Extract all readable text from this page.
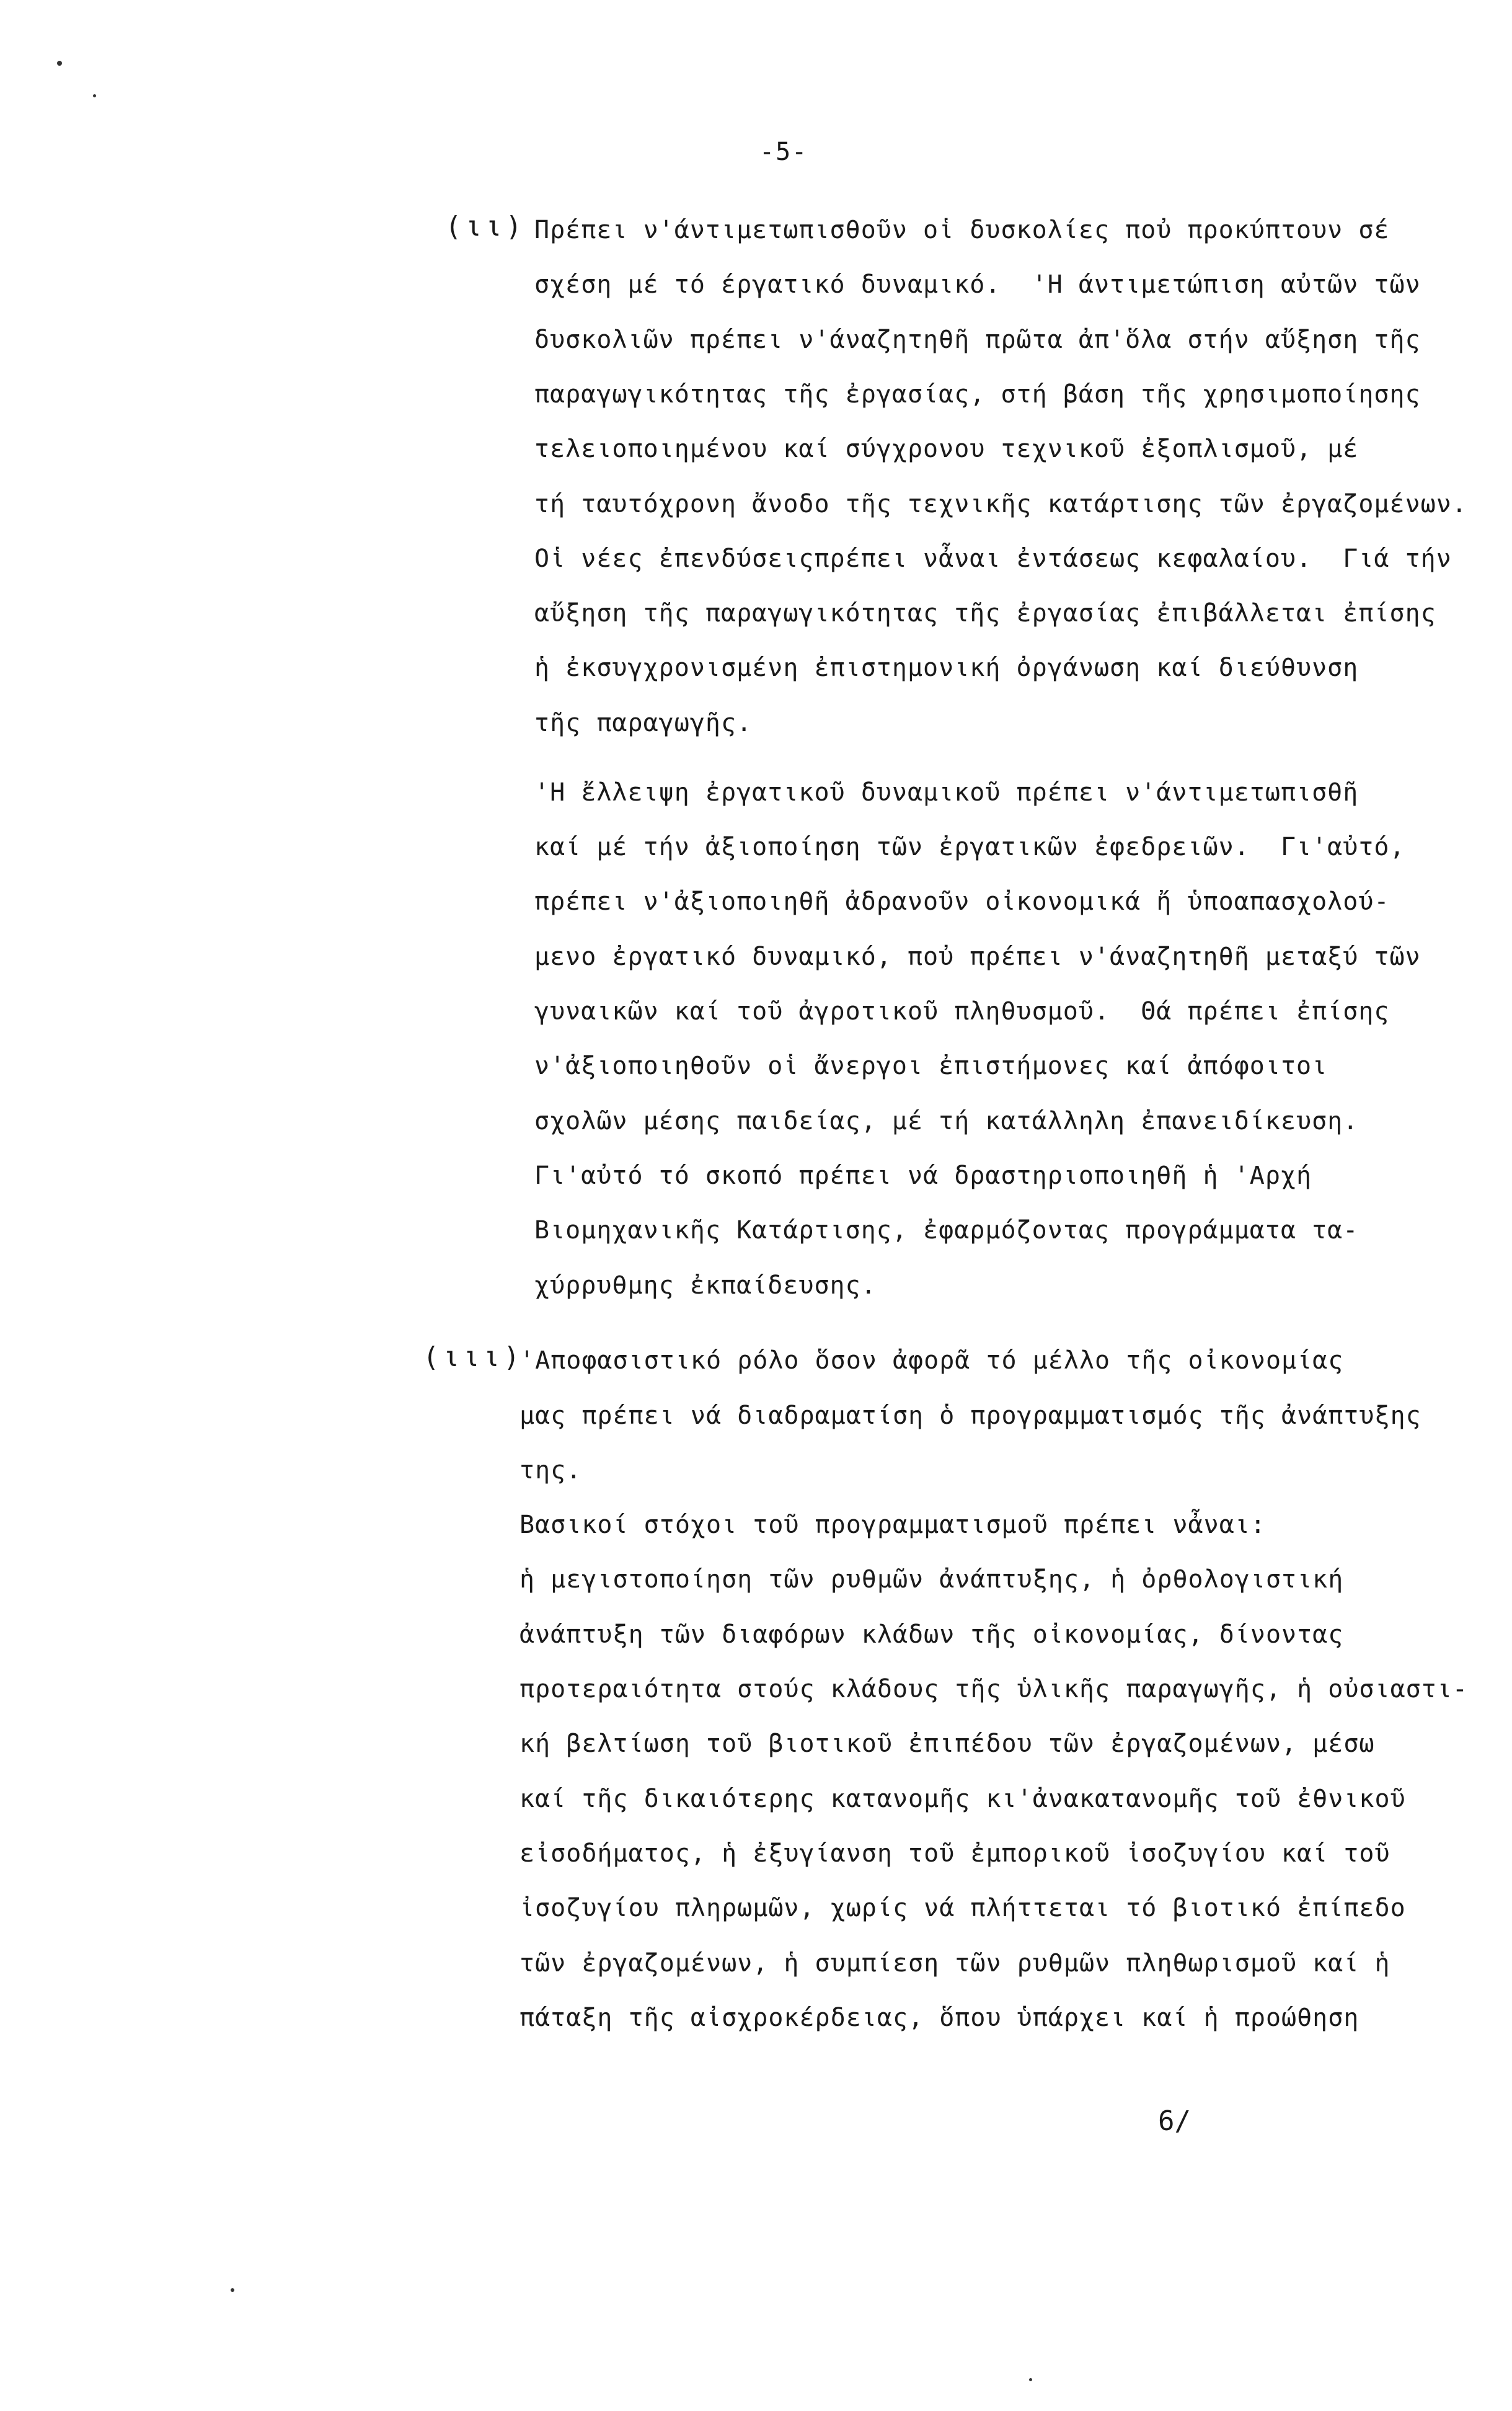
-5-
(ιι)
(ιιι)
Πρέπει ν'άντιμετωπισθοῦν οἱ δυσκολίες ποὐ προκύπτουν σέ
σχέση μέ τό έργατικό δυναμικό.  'Η άντιμετώπιση αὐτῶν τῶν
δυσκολιῶν πρέπει ν'άναζητηθῆ πρῶτα ἀπ'ὅλα στήν αὔξηση τῆς
παραγωγικότητας τῆς ἐργασίας, στή βάση τῆς χρησιμοποίησης
τελειοποιημένου καί σύγχρονου τεχνικοῦ ἐξοπλισμοῦ, μέ
τή ταυτόχρονη ἄνοδο τῆς τεχνικῆς κατάρτισης τῶν ἐργαζομένων.
Οἱ νέες ἐπενδύσειςπρέπει νἆναι ἐντάσεως κεφαλαίου.  Γιά τήν
αὔξηση τῆς παραγωγικότητας τῆς ἐργασίας ἐπιβάλλεται ἐπίσης
ἡ ἐκσυγχρονισμένη ἐπιστημονική ὀργάνωση καί διεύθυνση
τῆς παραγωγῆς.
'Η ἔλλειψη ἐργατικοῦ δυναμικοῦ πρέπει ν'άντιμετωπισθῆ
καί μέ τήν ἀξιοποίηση τῶν ἐργατικῶν ἐφεδρειῶν.  Γι'αὐτό,
πρέπει ν'ἀξιοποιηθῆ ἀδρανοῦν οἰκονομικά ἤ ὑποαπασχολού-
μενο ἐργατικό δυναμικό, ποὐ πρέπει ν'άναζητηθῆ μεταξύ τῶν
γυναικῶν καί τοῦ ἀγροτικοῦ πληθυσμοῦ.  Θά πρέπει ἐπίσης
ν'ἀξιοποιηθοῦν οἱ ἄνεργοι ἐπιστήμονες καί ἀπόφοιτοι
σχολῶν μέσης παιδείας, μέ τή κατάλληλη ἐπανειδίκευση.
Γι'αὐτό τό σκοπό πρέπει νά δραστηριοποιηθῆ ἡ 'Αρχή
Βιομηχανικῆς Κατάρτισης, ἐφαρμόζοντας προγράμματα τα-
χύρρυθμης ἐκπαίδευσης.
'Αποφασιστικό ρόλο ὅσον ἀφορᾶ τό μέλλο τῆς οἰκονομίας
μας πρέπει νά διαδραματίση ὁ προγραμματισμός τῆς ἀνάπτυξης
της.
Βασικοί στόχοι τοῦ προγραμματισμοῦ πρέπει νἆναι:
ἡ μεγιστοποίηση τῶν ρυθμῶν ἀνάπτυξης, ἡ ὀρθολογιστική
ἀνάπτυξη τῶν διαφόρων κλάδων τῆς οἰκονομίας, δίνοντας
προτεραιότητα στούς κλάδους τῆς ὑλικῆς παραγωγῆς, ἡ οὐσιαστι-
κή βελτίωση τοῦ βιοτικοῦ ἐπιπέδου τῶν ἐργαζομένων, μέσω
καί τῆς δικαιότερης κατανομῆς κι'ἀνακατανομῆς τοῦ ἐθνικοῦ
εἰσοδήματος, ἡ ἐξυγίανση τοῦ ἐμπορικοῦ ἰσοζυγίου καί τοῦ
ἰσοζυγίου πληρωμῶν, χωρίς νά πλήττεται τό βιοτικό ἐπίπεδο
τῶν ἐργαζομένων, ἡ συμπίεση τῶν ρυθμῶν πληθωρισμοῦ καί ἡ
πάταξη τῆς αἰσχροκέρδειας, ὅπου ὑπάρχει καί ἡ προώθηση
6/
